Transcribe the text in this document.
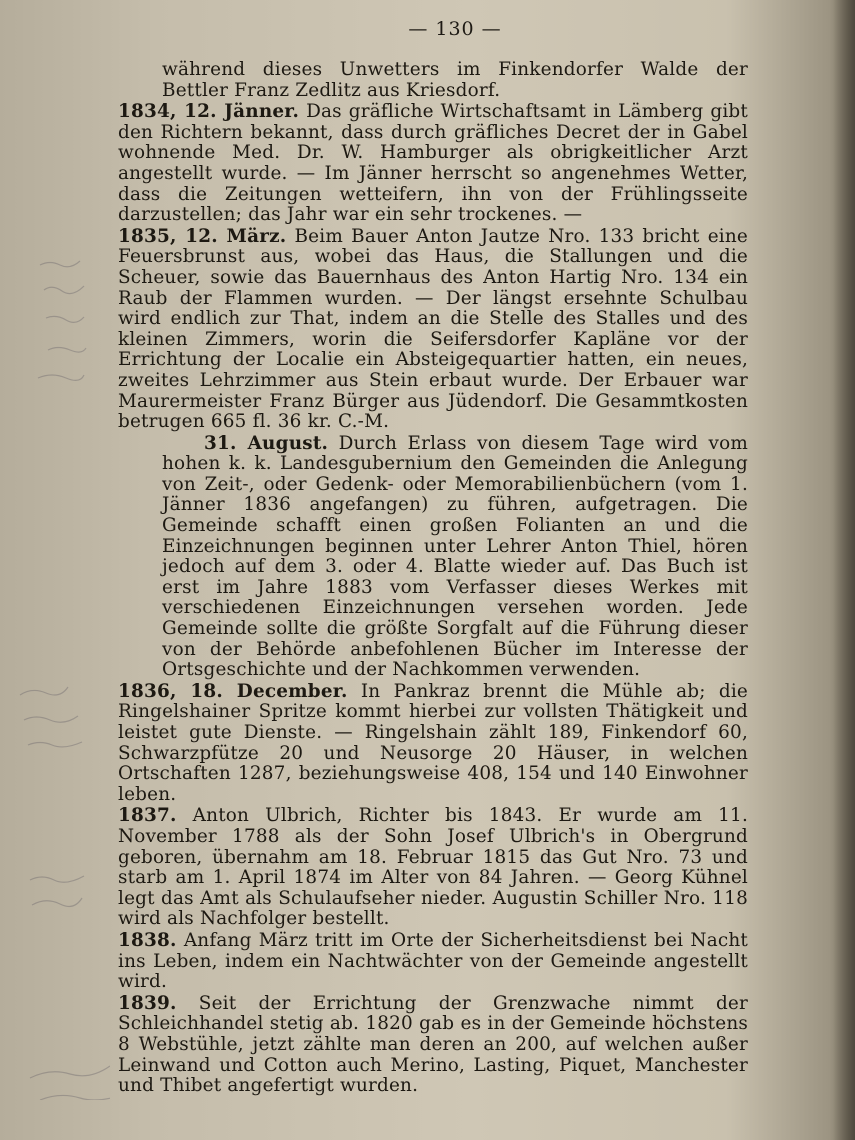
— 130 —

während dieses Unwetters im Finkendorfer Walde der Bettler Franz Zedlitz aus Kriesdorf.

1834, 12. Jänner. Das gräfliche Wirtschaftsamt in Lämberg gibt den Richtern bekannt, dass durch gräfliches Decret der in Gabel wohnende Med. Dr. W. Hamburger als obrigkeitlicher Arzt angestellt wurde. — Im Jänner herrscht so angenehmes Wetter, dass die Zeitungen wetteifern, ihn von der Frühlingsseite darzustellen; das Jahr war ein sehr trockenes. —

1835, 12. März. Beim Bauer Anton Jautze Nro. 133 bricht eine Feuersbrunst aus, wobei das Haus, die Stallungen und die Scheuer, sowie das Bauernhaus des Anton Hartig Nro. 134 ein Raub der Flammen wurden. — Der längst ersehnte Schulbau wird endlich zur That, indem an die Stelle des Stalles und des kleinen Zimmers, worin die Seifersdorfer Kapläne vor der Errichtung der Localie ein Absteigequartier hatten, ein neues, zweites Lehrzimmer aus Stein erbaut wurde. Der Erbauer war Maurermeister Franz Bürger aus Jüdendorf. Die Gesammtkosten betrugen 665 fl. 36 kr. C.-M.

31. August. Durch Erlass von diesem Tage wird vom hohen k. k. Landesgubernium den Gemeinden die Anlegung von Zeit-, oder Gedenk- oder Memorabilienbüchern (vom 1. Jänner 1836 angefangen) zu führen, aufgetragen. Die Gemeinde schafft einen großen Folianten an und die Einzeichnungen beginnen unter Lehrer Anton Thiel, hören jedoch auf dem 3. oder 4. Blatte wieder auf. Das Buch ist erst im Jahre 1883 vom Verfasser dieses Werkes mit verschiedenen Einzeichnungen versehen worden. Jede Gemeinde sollte die größte Sorgfalt auf die Führung dieser von der Behörde anbefohlenen Bücher im Interesse der Ortsgeschichte und der Nachkommen verwenden.

1836, 18. December. In Pankraz brennt die Mühle ab; die Ringelshainer Spritze kommt hierbei zur vollsten Thätigkeit und leistet gute Dienste. — Ringelshain zählt 189, Finkendorf 60, Schwarzpfütze 20 und Neusorge 20 Häuser, in welchen Ortschaften 1287, beziehungsweise 408, 154 und 140 Einwohner leben.

1837. Anton Ulbrich, Richter bis 1843. Er wurde am 11. November 1788 als der Sohn Josef Ulbrich's in Obergrund geboren, übernahm am 18. Februar 1815 das Gut Nro. 73 und starb am 1. April 1874 im Alter von 84 Jahren. — Georg Kühnel legt das Amt als Schulaufseher nieder. Augustin Schiller Nro. 118 wird als Nachfolger bestellt.

1838. Anfang März tritt im Orte der Sicherheitsdienst bei Nacht ins Leben, indem ein Nachtwächter von der Gemeinde angestellt wird.

1839. Seit der Errichtung der Grenzwache nimmt der Schleichhandel stetig ab. 1820 gab es in der Gemeinde höchstens 8 Webstühle, jetzt zählte man deren an 200, auf welchen außer Leinwand und Cotton auch Merino, Lasting, Piquet, Manchester und Thibet angefertigt wurden.
